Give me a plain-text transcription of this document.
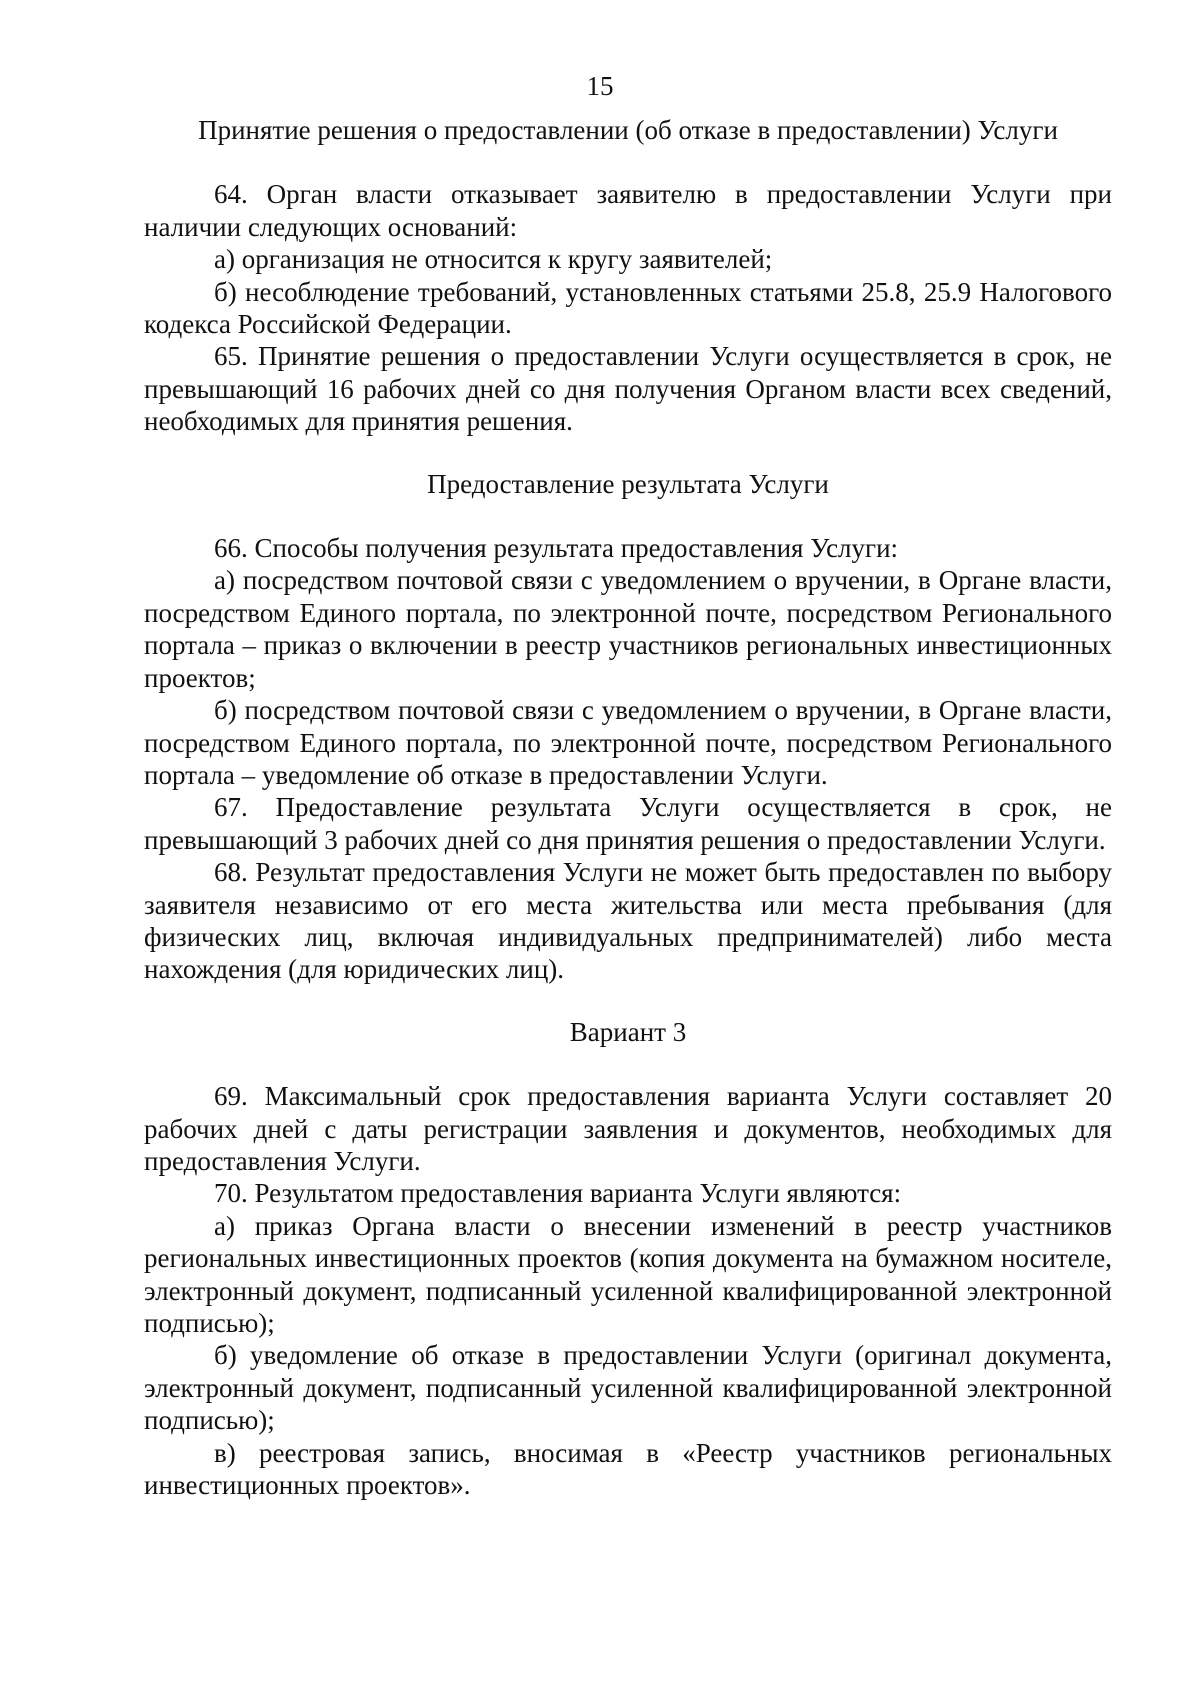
15
Принятие решения о предоставлении (об отказе в предоставлении) Услуги

64. Орган власти отказывает заявителю в предоставлении Услуги при наличии следующих оснований:

а) организация не относится к кругу заявителей;

б) несоблюдение требований, установленных статьями 25.8, 25.9 Налогового кодекса Российской Федерации.

65. Принятие решения о предоставлении Услуги осуществляется в срок, не превышающий 16 рабочих дней со дня получения Органом власти всех сведений, необходимых для принятия решения.

Предоставление результата Услуги

66. Способы получения результата предоставления Услуги:

а) посредством почтовой связи с уведомлением о вручении, в Органе власти, посредством Единого портала, по электронной почте, посредством Регионального портала – приказ о включении в реестр участников региональных инвестиционных проектов;

б) посредством почтовой связи с уведомлением о вручении, в Органе власти, посредством Единого портала, по электронной почте, посредством Регионального портала – уведомление об отказе в предоставлении Услуги.

67. Предоставление результата Услуги осуществляется в срок, не превышающий 3 рабочих дней со дня принятия решения о предоставлении Услуги.

68. Результат предоставления Услуги не может быть предоставлен по выбору заявителя независимо от его места жительства или места пребывания (для физических лиц, включая индивидуальных предпринимателей) либо места нахождения (для юридических лиц).

Вариант 3

69. Максимальный срок предоставления варианта Услуги составляет 20 рабочих дней с даты регистрации заявления и документов, необходимых для предоставления Услуги.

70. Результатом предоставления варианта Услуги являются:

а) приказ Органа власти о внесении изменений в реестр участников региональных инвестиционных проектов (копия документа на бумажном носителе, электронный документ, подписанный усиленной квалифицированной электронной подписью);

б) уведомление об отказе в предоставлении Услуги (оригинал документа, электронный документ, подписанный усиленной квалифицированной электронной подписью);

в) реестровая запись, вносимая в «Реестр участников региональных инвестиционных проектов».
